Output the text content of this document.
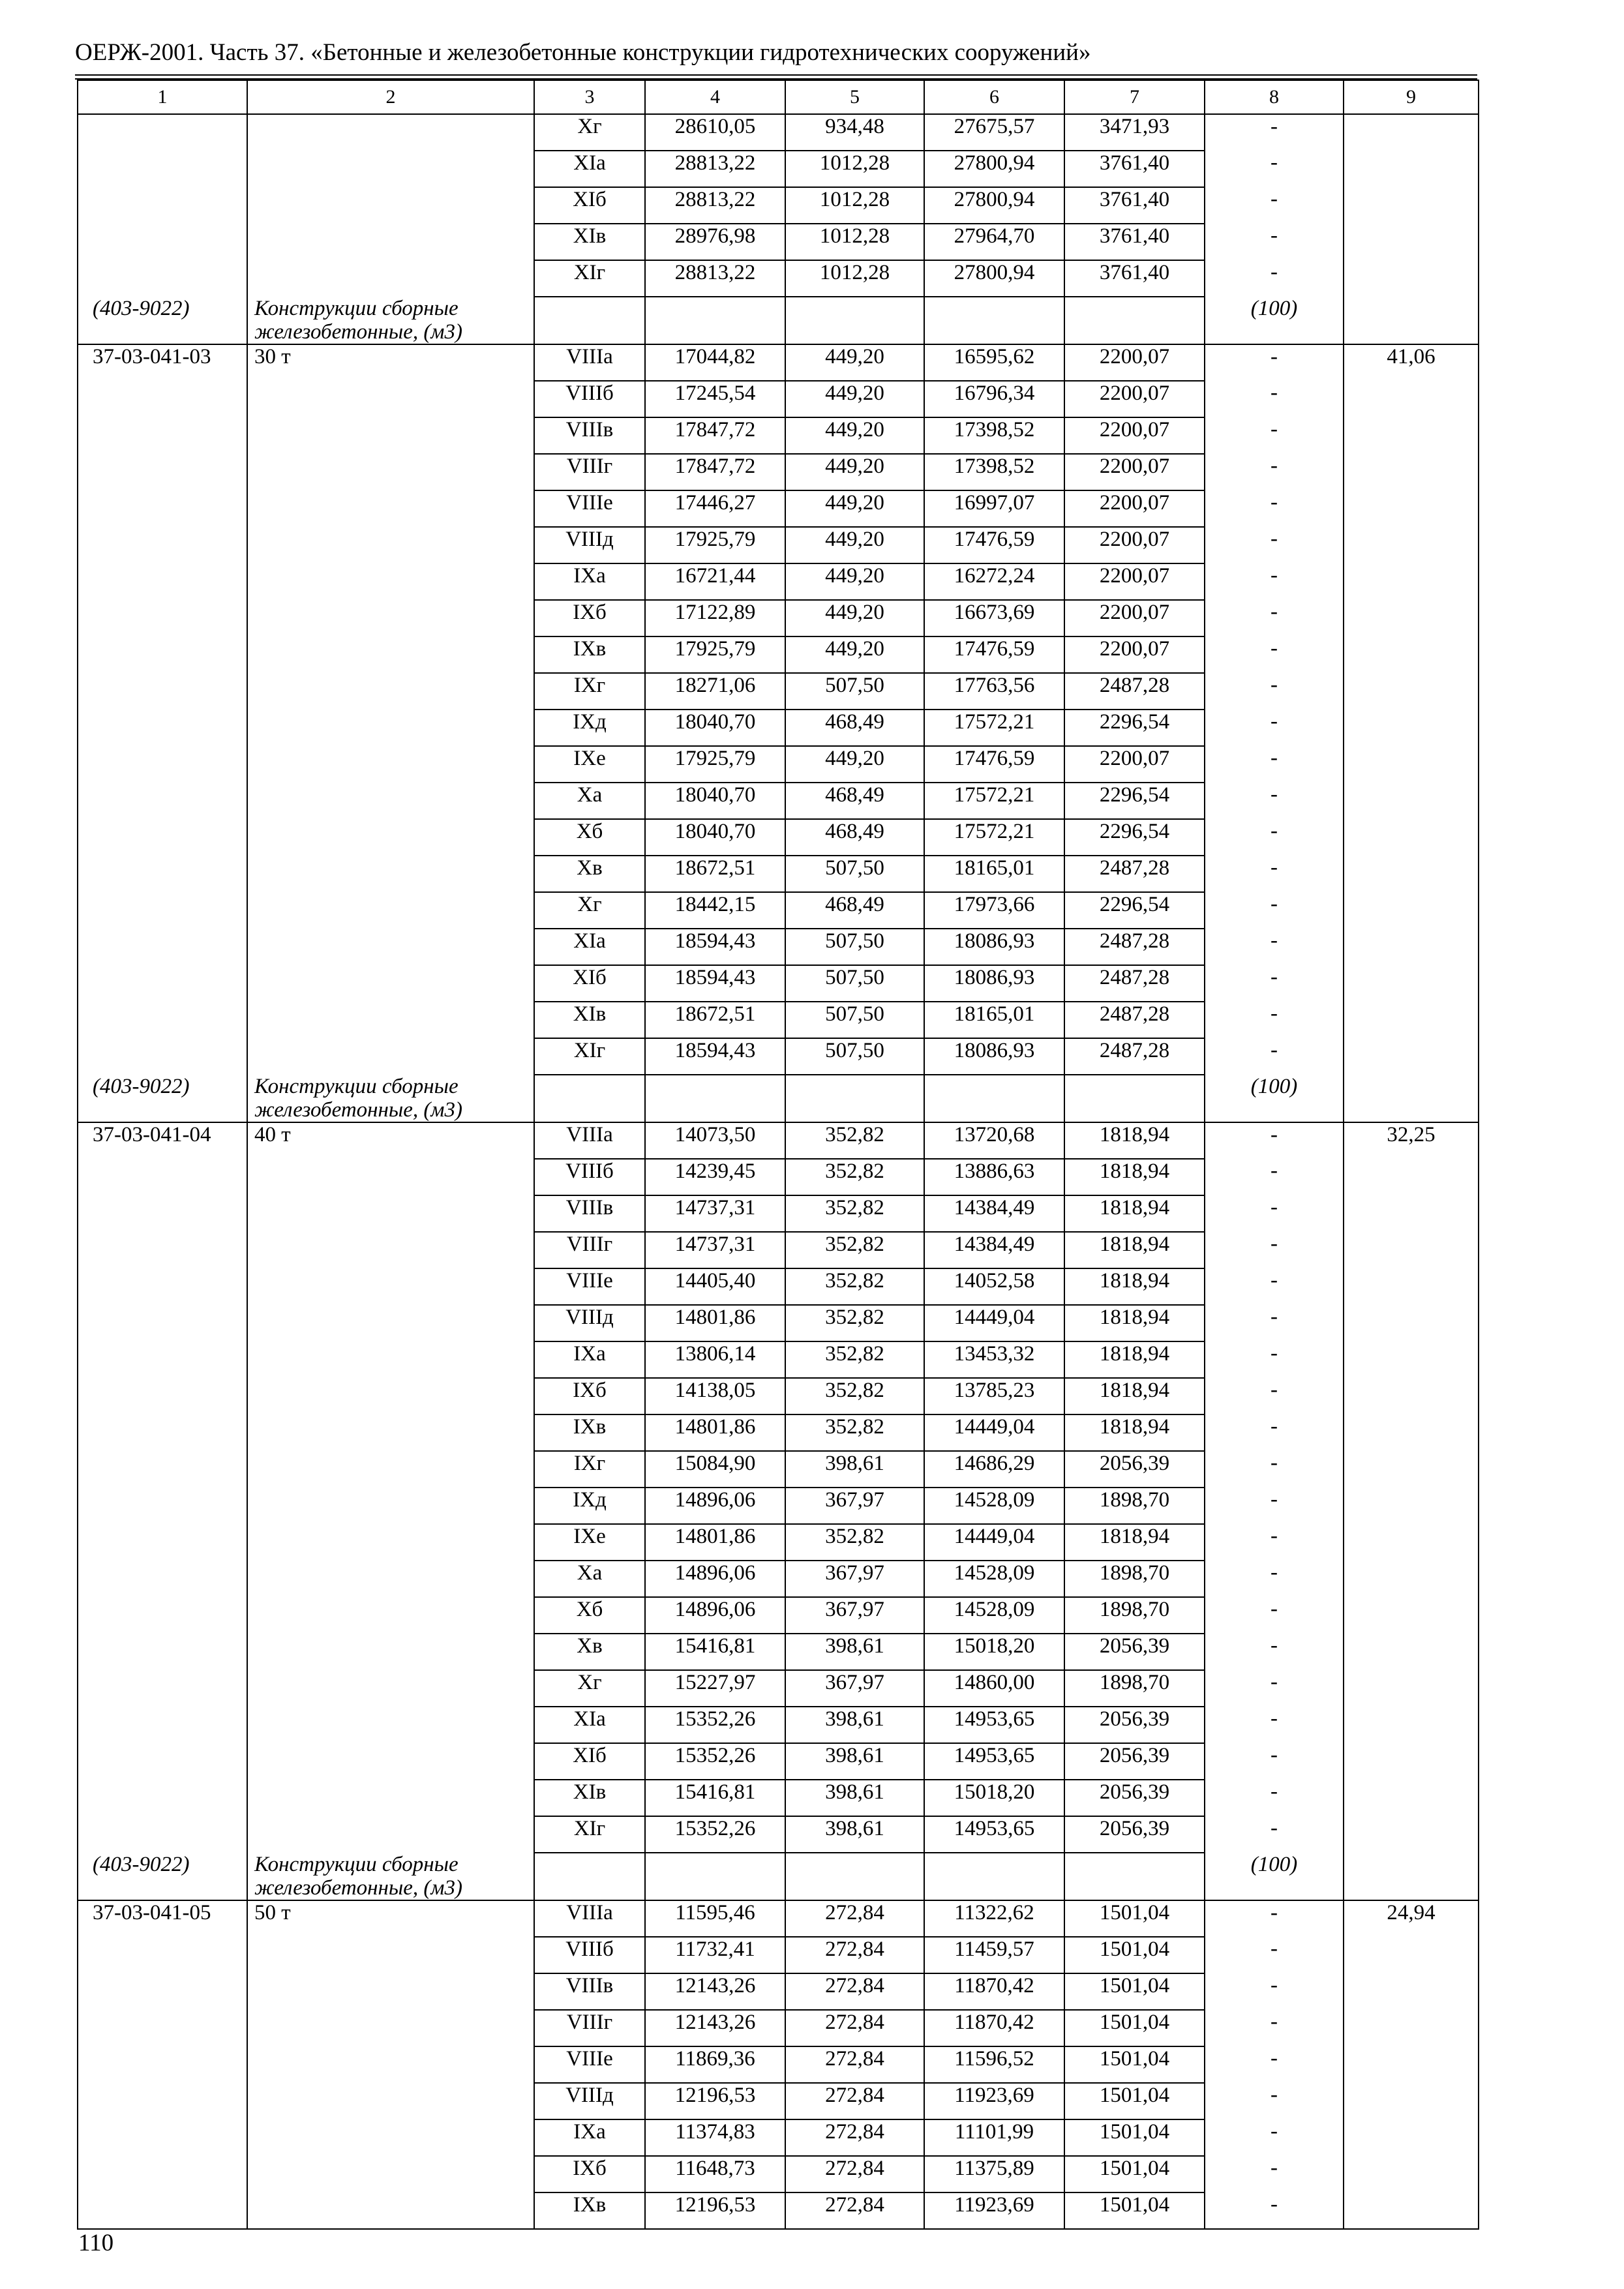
ОЕРЖ-2001. Часть 37. «Бетонные и железобетонные конструкции гидротехнических сооружений»
1	2	3	4	5	6	7	8	9
		Хг	28610,05	934,48	27675,57	3471,93	-	
		XIа	28813,22	1012,28	27800,94	3761,40	-	
		XIб	28813,22	1012,28	27800,94	3761,40	-	
		XIв	28976,98	1012,28	27964,70	3761,40	-	
		XIг	28813,22	1012,28	27800,94	3761,40	-	
(403-9022)	Конструкции сборные железобетонные, (м3)						(100)	
37-03-041-03	30 т	VIIIа	17044,82	449,20	16595,62	2200,07	-	41,06
		VIIIб	17245,54	449,20	16796,34	2200,07	-	
		VIIIв	17847,72	449,20	17398,52	2200,07	-	
		VIIIг	17847,72	449,20	17398,52	2200,07	-	
		VIIIе	17446,27	449,20	16997,07	2200,07	-	
		VIIIд	17925,79	449,20	17476,59	2200,07	-	
		IXа	16721,44	449,20	16272,24	2200,07	-	
		IXб	17122,89	449,20	16673,69	2200,07	-	
		IXв	17925,79	449,20	17476,59	2200,07	-	
		IXг	18271,06	507,50	17763,56	2487,28	-	
		IXд	18040,70	468,49	17572,21	2296,54	-	
		IXе	17925,79	449,20	17476,59	2200,07	-	
		Ха	18040,70	468,49	17572,21	2296,54	-	
		Хб	18040,70	468,49	17572,21	2296,54	-	
		Хв	18672,51	507,50	18165,01	2487,28	-	
		Хг	18442,15	468,49	17973,66	2296,54	-	
		XIа	18594,43	507,50	18086,93	2487,28	-	
		XIб	18594,43	507,50	18086,93	2487,28	-	
		XIв	18672,51	507,50	18165,01	2487,28	-	
		XIг	18594,43	507,50	18086,93	2487,28	-	
(403-9022)	Конструкции сборные железобетонные, (м3)						(100)	
37-03-041-04	40 т	VIIIа	14073,50	352,82	13720,68	1818,94	-	32,25
		VIIIб	14239,45	352,82	13886,63	1818,94	-	
		VIIIв	14737,31	352,82	14384,49	1818,94	-	
		VIIIг	14737,31	352,82	14384,49	1818,94	-	
		VIIIе	14405,40	352,82	14052,58	1818,94	-	
		VIIIд	14801,86	352,82	14449,04	1818,94	-	
		IXа	13806,14	352,82	13453,32	1818,94	-	
		IXб	14138,05	352,82	13785,23	1818,94	-	
		IXв	14801,86	352,82	14449,04	1818,94	-	
		IXг	15084,90	398,61	14686,29	2056,39	-	
		IXд	14896,06	367,97	14528,09	1898,70	-	
		IXе	14801,86	352,82	14449,04	1818,94	-	
		Ха	14896,06	367,97	14528,09	1898,70	-	
		Хб	14896,06	367,97	14528,09	1898,70	-	
		Хв	15416,81	398,61	15018,20	2056,39	-	
		Хг	15227,97	367,97	14860,00	1898,70	-	
		XIа	15352,26	398,61	14953,65	2056,39	-	
		XIб	15352,26	398,61	14953,65	2056,39	-	
		XIв	15416,81	398,61	15018,20	2056,39	-	
		XIг	15352,26	398,61	14953,65	2056,39	-	
(403-9022)	Конструкции сборные железобетонные, (м3)						(100)	
37-03-041-05	50 т	VIIIа	11595,46	272,84	11322,62	1501,04	-	24,94
		VIIIб	11732,41	272,84	11459,57	1501,04	-	
		VIIIв	12143,26	272,84	11870,42	1501,04	-	
		VIIIг	12143,26	272,84	11870,42	1501,04	-	
		VIIIе	11869,36	272,84	11596,52	1501,04	-	
		VIIIд	12196,53	272,84	11923,69	1501,04	-	
		IXа	11374,83	272,84	11101,99	1501,04	-	
		IXб	11648,73	272,84	11375,89	1501,04	-	
		IXв	12196,53	272,84	11923,69	1501,04	-	
110
